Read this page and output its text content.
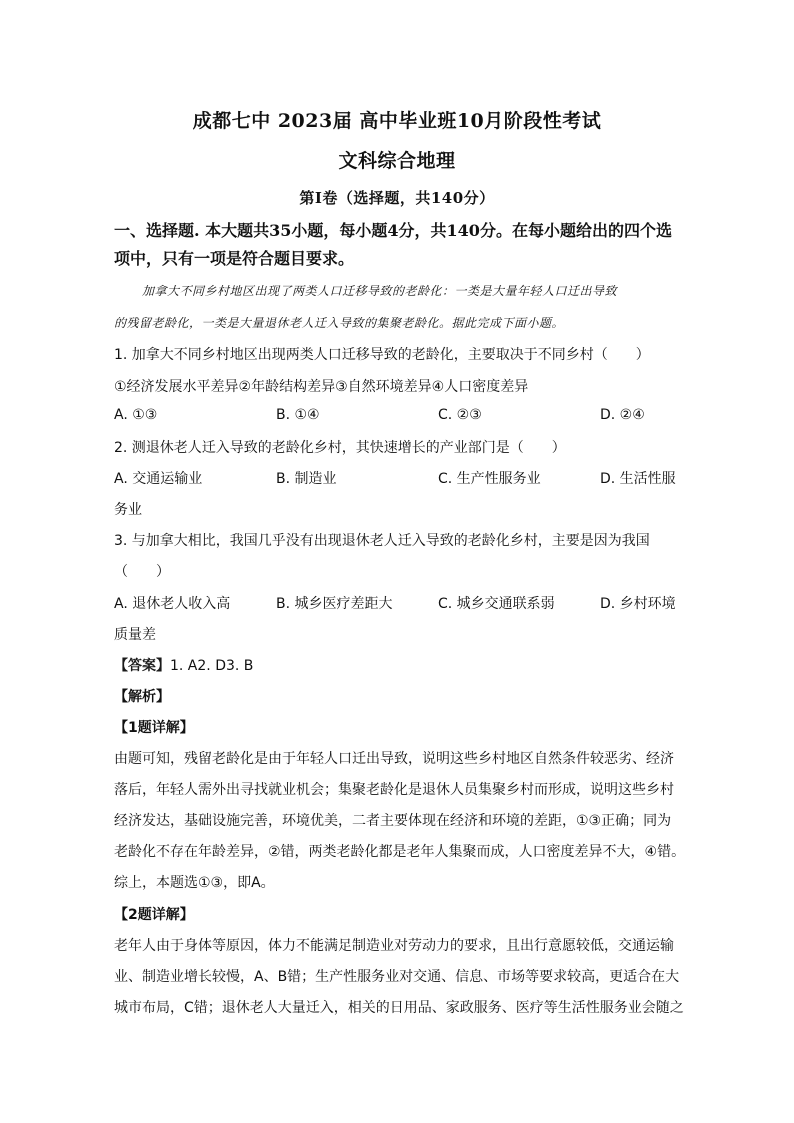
成都七中 2023届 高中毕业班10月阶段性考试
文科综合地理
第Ⅰ卷（选择题，共140分）
一、选择题. 本大题共35小题，每小题4分，共140分。在每小题给出的四个选
项中，只有一项是符合题目要求。
加拿大不同乡村地区出现了两类人口迁移导致的老龄化：一类是大量年轻人口迁出导致
的残留老龄化，一类是大量退休老人迁入导致的集聚老龄化。据此完成下面小题。
1. 加拿大不同乡村地区出现两类人口迁移导致的老龄化，主要取决于不同乡村（　　）
①经济发展水平差异②年龄结构差异③自然环境差异④人口密度差异
A. ①③	B. ①④	C. ②③	D. ②④
2. 测退休老人迁入导致的老龄化乡村，其快速增长的产业部门是（　　）
A. 交通运输业	B. 制造业	C. 生产性服务业	D. 生活性服
务业
3. 与加拿大相比，我国几乎没有出现退休老人迁入导致的老龄化乡村，主要是因为我国
（　　）
A. 退休老人收入高	B. 城乡医疗差距大	C. 城乡交通联系弱	D. 乡村环境
质量差
【答案】1. A2. D3. B
【解析】
【1题详解】
由题可知，残留老龄化是由于年轻人口迁出导致，说明这些乡村地区自然条件较恶劣、经济
落后，年轻人需外出寻找就业机会；集聚老龄化是退休人员集聚乡村而形成，说明这些乡村
经济发达，基础设施完善，环境优美，二者主要体现在经济和环境的差距，①③正确；同为
老龄化不存在年龄差异，②错，两类老龄化都是老年人集聚而成，人口密度差异不大，④错。
综上，本题选①③，即A。
【2题详解】
老年人由于身体等原因，体力不能满足制造业对劳动力的要求，且出行意愿较低，交通运输
业、制造业增长较慢，A、B错；生产性服务业对交通、信息、市场等要求较高，更适合在大
城市布局，C错；退休老人大量迁入，相关的日用品、家政服务、医疗等生活性服务业会随之
